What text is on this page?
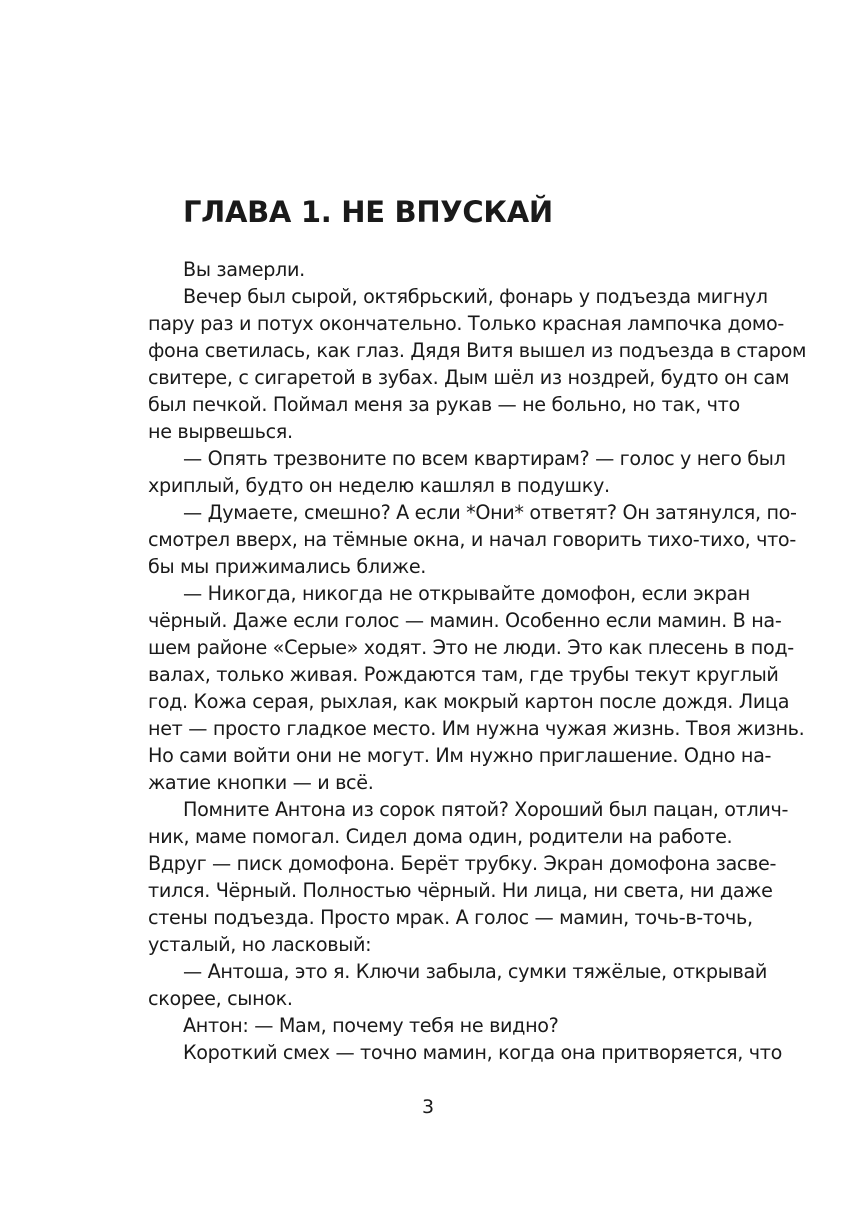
ГЛАВА 1. НЕ ВПУСКАЙ
Вы замерли.
Вечер был сырой, октябрьский, фонарь у подъезда мигнул
пару раз и потух окончательно. Только красная лампочка домо-
фона светилась, как глаз. Дядя Витя вышел из подъезда в старом
свитере, с сигаретой в зубах. Дым шёл из ноздрей, будто он сам
был печкой. Поймал меня за рукав — не больно, но так, что
не вырвешься.
— Опять трезвоните по всем квартирам? — голос у него был
хриплый, будто он неделю кашлял в подушку.
— Думаете, смешно? А если *Они* ответят? Он затянулся, по-
смотрел вверх, на тёмные окна, и начал говорить тихо-тихо, что-
бы мы прижимались ближе.
— Никогда, никогда не открывайте домофон, если экран
чёрный. Даже если голос — мамин. Особенно если мамин. В на-
шем районе «Серые» ходят. Это не люди. Это как плесень в под-
валах, только живая. Рождаются там, где трубы текут круглый
год. Кожа серая, рыхлая, как мокрый картон после дождя. Лица
нет — просто гладкое место. Им нужна чужая жизнь. Твоя жизнь.
Но сами войти они не могут. Им нужно приглашение. Одно на-
жатие кнопки — и всё.
Помните Антона из сорок пятой? Хороший был пацан, отлич-
ник, маме помогал. Сидел дома один, родители на работе.
Вдруг — писк домофона. Берёт трубку. Экран домофона засве-
тился. Чёрный. Полностью чёрный. Ни лица, ни света, ни даже
стены подъезда. Просто мрак. А голос — мамин, точь-в-точь,
усталый, но ласковый:
— Антоша, это я. Ключи забыла, сумки тяжёлые, открывай
скорее, сынок.
Антон: — Мам, почему тебя не видно?
Короткий смех — точно мамин, когда она притворяется, что
3
